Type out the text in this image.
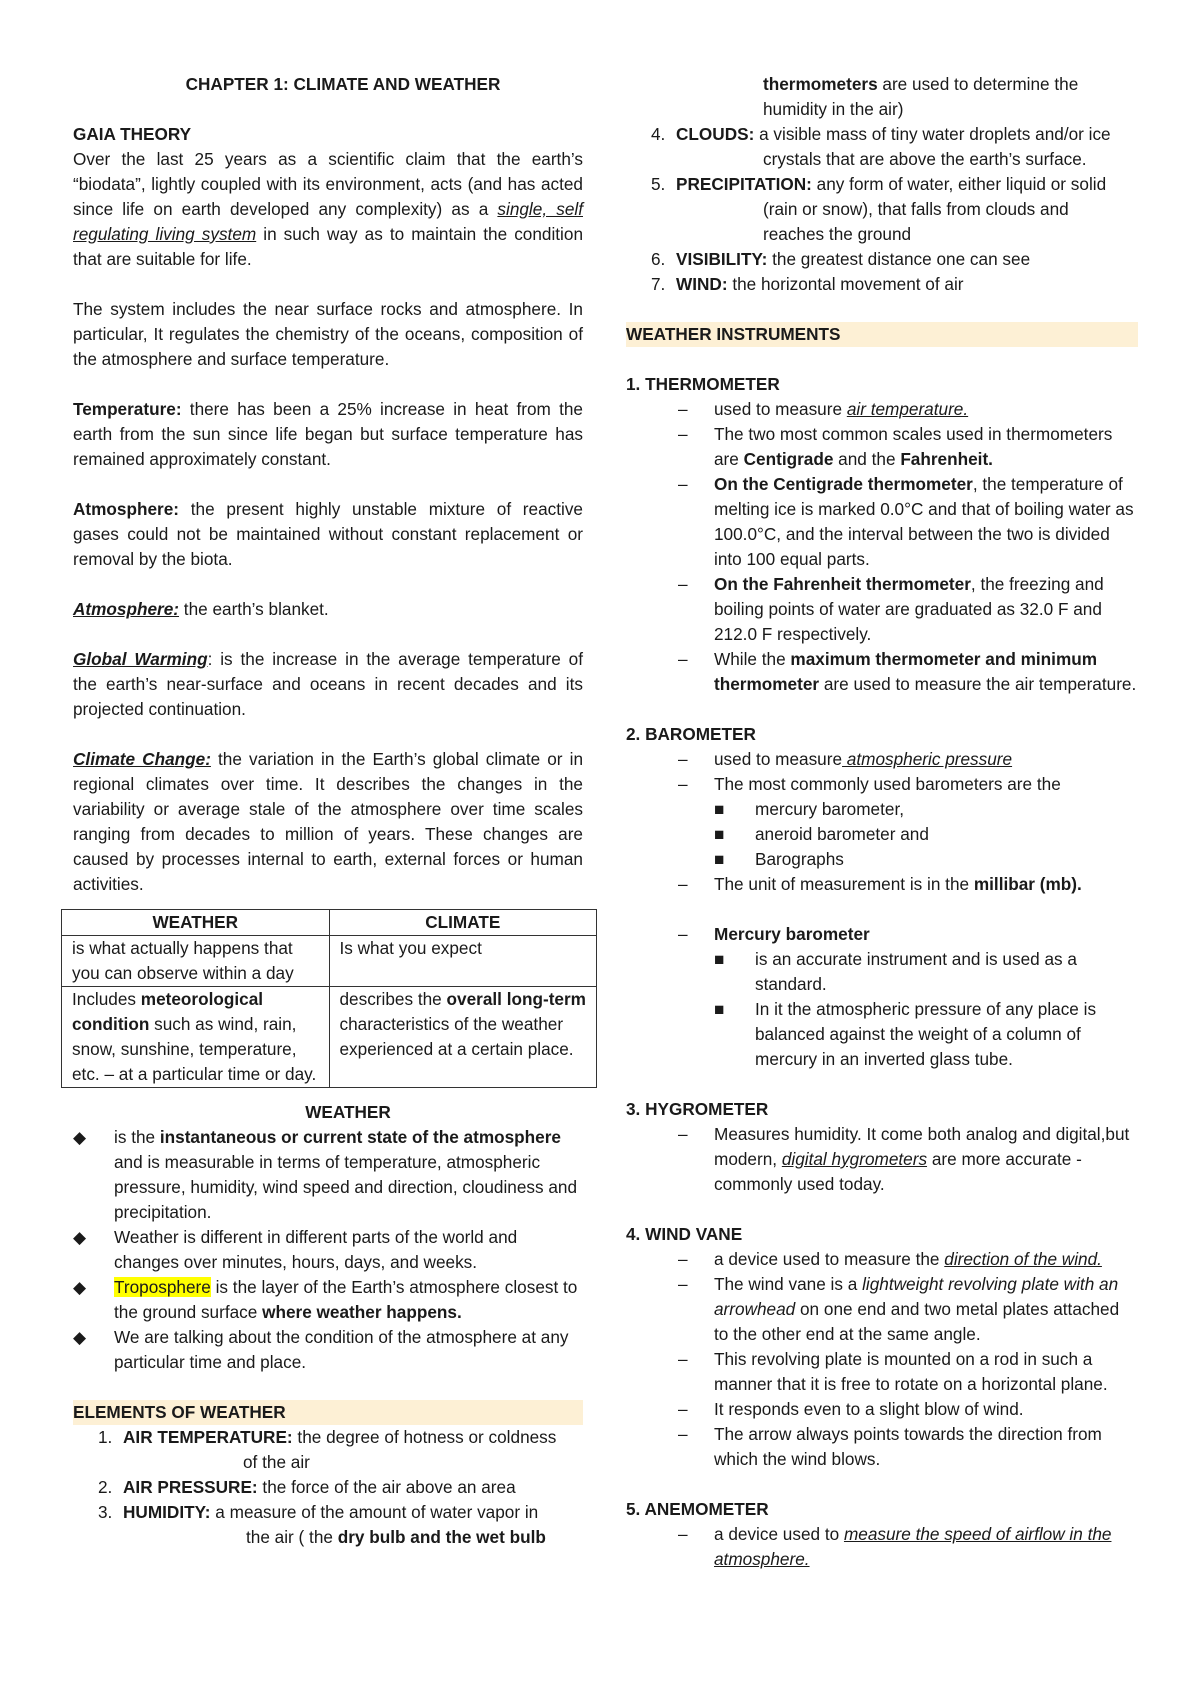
CHAPTER 1: CLIMATE AND WEATHER

GAIA THEORY

Over the last 25 years as a scientific claim that the earth’s “biodata”, lightly coupled with its environment, acts (and has acted since life on earth developed any complexity) as a single, self regulating living system in such way as to maintain the condition that are suitable for life.

The system includes the near surface rocks and atmosphere. In particular, It regulates the chemistry of the oceans, composition of the atmosphere and surface temperature.

Temperature: there has been a 25% increase in heat from the earth from the sun since life began but surface temperature has remained approximately constant.

Atmosphere: the present highly unstable mixture of reactive gases could not be maintained without constant replacement or removal by the biota.

Atmosphere: the earth’s blanket.

Global Warming: is the increase in the average temperature of the earth’s near-surface and oceans in recent decades and its projected continuation.

Climate Change: the variation in the Earth’s global climate or in regional climates over time. It describes the changes in the variability or average stale of the atmosphere over time scales ranging from decades to million of years. These changes are caused by processes internal to earth, external forces or human activities.

WEATHER	CLIMATE
is what actually happens that you can observe within a day	Is what you expect
Includes meteorological condition such as wind, rain, snow, sunshine, temperature, etc. – at a particular time or day.	describes the overall long-term characteristics of the weather experienced at a certain place.

WEATHER

◆ is the instantaneous or current state of the atmosphere and is measurable in terms of temperature, atmospheric pressure, humidity, wind speed and direction, cloudiness and precipitation.
◆ Weather is different in different parts of the world and changes over minutes, hours, days, and weeks.
◆ Troposphere is the layer of the Earth’s atmosphere closest to the ground surface where weather happens.
◆ We are talking about the condition of the atmosphere at any particular time and place.

ELEMENTS OF WEATHER

1. AIR TEMPERATURE: the degree of hotness or coldness

of the air

2. AIR PRESSURE: the force of the air above an area
3. HUMIDITY: a measure of the amount of water vapor in

the air ( the dry bulb and the wet bulb

thermometers are used to determine the

humidity in the air)

4. CLOUDS: a visible mass of tiny water droplets and/or ice

crystals that are above the earth’s surface.

5. PRECIPITATION: any form of water, either liquid or solid

(rain or snow), that falls from clouds and

reaches the ground

6. VISIBILITY: the greatest distance one can see
7. WIND: the horizontal movement of air

WEATHER INSTRUMENTS

1. THERMOMETER

– used to measure air temperature.
– The two most common scales used in thermometers are Centigrade and the Fahrenheit.
– On the Centigrade thermometer, the temperature of melting ice is marked 0.0°C and that of boiling water as 100.0°C, and the interval between the two is divided into 100 equal parts.
– On the Fahrenheit thermometer, the freezing and boiling points of water are graduated as 32.0 F and 212.0 F respectively.
– While the maximum thermometer and minimum thermometer are used to measure the air temperature.

2. BAROMETER

– used to measure atmospheric pressure
– The most commonly used barometers are the
■ mercury barometer,
■ aneroid barometer and
■ Barographs
– The unit of measurement is in the millibar (mb).
– Mercury barometer
■ is an accurate instrument and is used as a standard.
■ In it the atmospheric pressure of any place is balanced against the weight of a column of mercury in an inverted glass tube.

3. HYGROMETER

– Measures humidity. It come both analog and digital,but modern, digital hygrometers are more accurate - commonly used today.

4. WIND VANE

– a device used to measure the direction of the wind.
– The wind vane is a lightweight revolving plate with an arrowhead on one end and two metal plates attached to the other end at the same angle.
– This revolving plate is mounted on a rod in such a manner that it is free to rotate on a horizontal plane.
– It responds even to a slight blow of wind.
– The arrow always points towards the direction from which the wind blows.

5. ANEMOMETER

– a device used to measure the speed of airflow in the atmosphere.
